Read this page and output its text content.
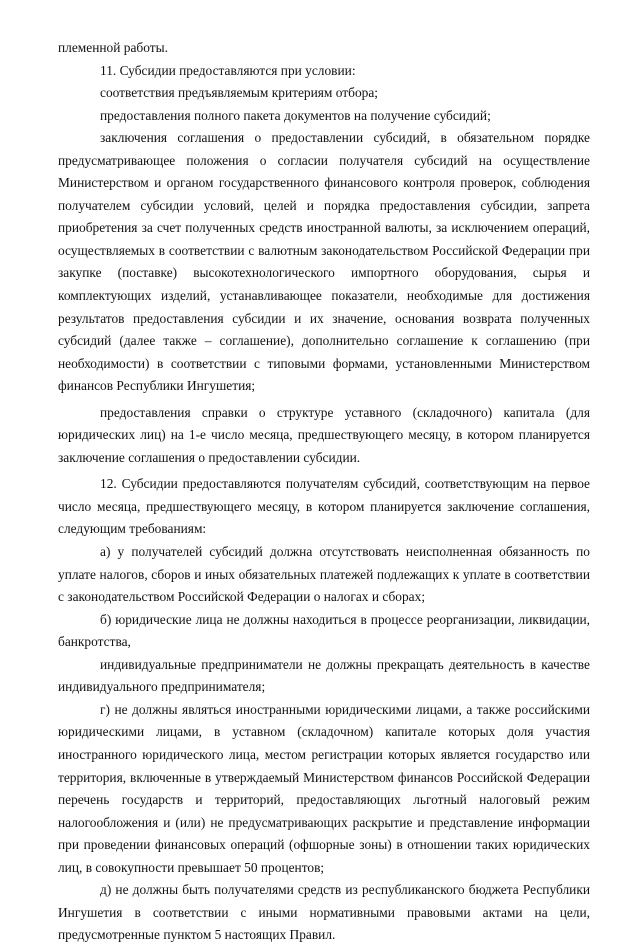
племенной работы.

11. Субсидии предоставляются при условии:

соответствия предъявляемым критериям отбора;

предоставления полного пакета документов на получение субсидий;

заключения соглашения о предоставлении субсидий, в обязательном порядке предусматривающее положения о согласии получателя субсидий на осуществление Министерством и органом государственного финансового контроля проверок, соблюдения получателем субсидии условий, целей и порядка предоставления субсидии, запрета приобретения за счет полученных средств иностранной валюты, за исключением операций, осуществляемых в соответствии с валютным законодательством Российской Федерации при закупке (поставке) высокотехнологического импортного оборудования, сырья и комплектующих изделий, устанавливающее показатели, необходимые для достижения результатов предоставления субсидии и их значение, основания возврата полученных субсидий (далее также – соглашение), дополнительно соглашение к соглашению (при необходимости) в соответствии с типовыми формами, установленными Министерством финансов Республики Ингушетия;

предоставления справки о структуре уставного (складочного) капитала (для юридических лиц) на 1-е число месяца, предшествующего месяцу, в котором планируется заключение соглашения о предоставлении субсидии.

12. Субсидии предоставляются получателям субсидий, соответствующим на первое число месяца, предшествующего месяцу, в котором планируется заключение соглашения, следующим требованиям:

а) у получателей субсидий должна отсутствовать неисполненная обязанность по уплате налогов, сборов и иных обязательных платежей подлежащих к уплате в соответствии с законодательством Российской Федерации о налогах и сборах;

б) юридические лица не должны находиться в процессе реорганизации, ликвидации, банкротства,

индивидуальные предприниматели не должны прекращать деятельность в качестве индивидуального предпринимателя;

г) не должны являться иностранными юридическими лицами, а также российскими юридическими лицами, в уставном (складочном) капитале которых доля участия иностранного юридического лица, местом регистрации которых является государство или территория, включенные в утверждаемый Министерством финансов Российской Федерации перечень государств и территорий, предоставляющих льготный налоговый режим налогообложения и (или) не предусматривающих раскрытие и представление информации при проведении финансовых операций (офшорные зоны) в отношении таких юридических лиц, в совокупности превышает 50 процентов;

д) не должны быть получателями средств из республиканского бюджета Республики Ингушетия в соответствии с иными нормативными правовыми актами на цели, предусмотренные пунктом 5 настоящих Правил.
